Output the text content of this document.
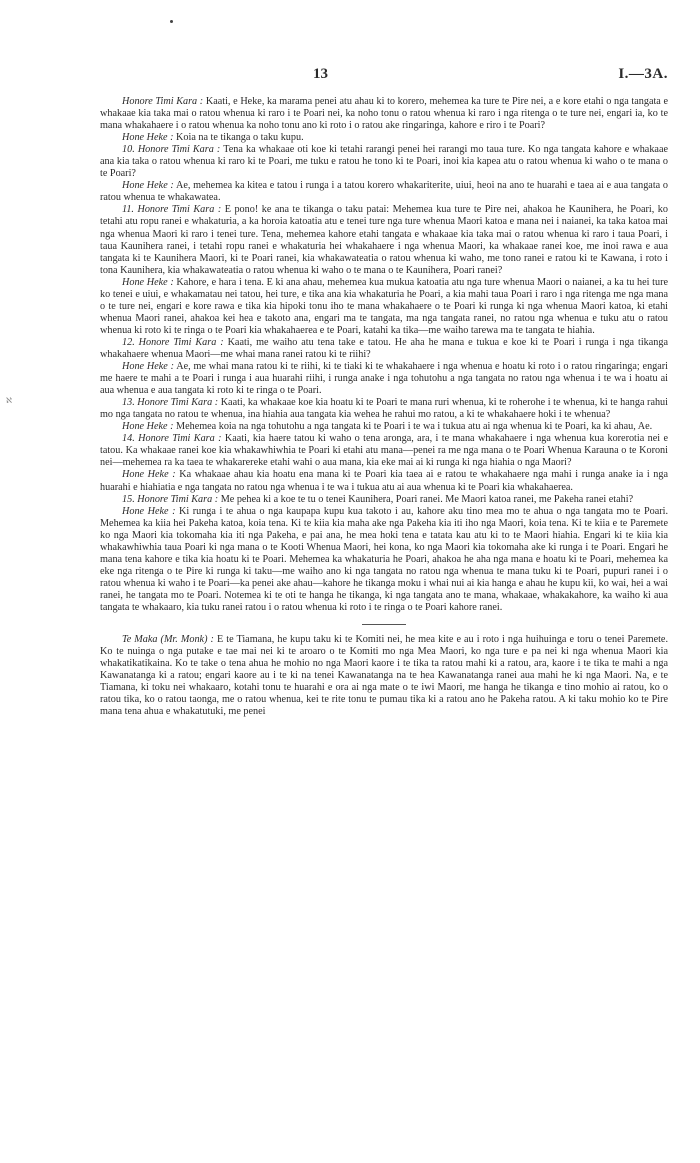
ℵ
13	I.—3A.

Honore Timi Kara : Kaati, e Heke, ka marama penei atu ahau ki to korero, mehemea ka ture te Pire nei, a e kore etahi o nga tangata e whakaae kia taka mai o ratou whenua ki raro i te Poari nei, ka noho tonu o ratou whenua ki raro i nga ritenga o te ture nei, engari ia, ko te mana whakahaere i o ratou whenua ka noho tonu ano ki roto i o ratou ake ringaringa, kahore e riro i te Poari?

Hone Heke : Koia na te tikanga o taku kupu.

10. Honore Timi Kara : Tena ka whakaae oti koe ki tetahi rarangi penei hei rarangi mo taua ture. Ko nga tangata kahore e whakaae ana kia taka o ratou whenua ki raro ki te Poari, me tuku e ratou he tono ki te Poari, inoi kia kapea atu o ratou whenua ki waho o te mana o te Poari?

Hone Heke : Ae, mehemea ka kitea e tatou i runga i a tatou korero whakariterite, uiui, heoi na ano te huarahi e taea ai e aua tangata o ratou whenua te whakawatea.

11. Honore Timi Kara : E pono! ke ana te tikanga o taku patai: Mehemea kua ture te Pire nei, ahakoa he Kaunihera, he Poari, ko tetahi atu ropu ranei e whakaturia, a ka horoia katoatia atu e tenei ture nga ture whenua Maori katoa e mana nei i naianei, ka taka katoa mai nga whenua Maori ki raro i tenei ture. Tena, mehemea kahore etahi tangata e whakaae kia taka mai o ratou whenua ki raro i taua Poari, i taua Kaunihera ranei, i tetahi ropu ranei e whakaturia hei whakahaere i nga whenua Maori, ka whakaae ranei koe, me inoi rawa e aua tangata ki te Kaunihera Maori, ki te Poari ranei, kia whakawateatia o ratou whenua ki waho, me tono ranei e ratou ki te Kawana, i roto i tona Kaunihera, kia whakawateatia o ratou whenua ki waho o te mana o te Kaunihera, Poari ranei?

Hone Heke : Kahore, e hara i tena. E ki ana ahau, mehemea kua mukua katoatia atu nga ture whenua Maori o naianei, a ka tu hei ture ko tenei e uiui, e whakamatau nei tatou, hei ture, e tika ana kia whakaturia he Poari, a kia mahi taua Poari i raro i nga ritenga me nga mana o te ture nei, engari e kore rawa e tika kia hipoki tonu iho te mana whakahaere o te Poari ki runga ki nga whenua Maori katoa, ki etahi whenua Maori ranei, ahakoa kei hea e takoto ana, engari ma te tangata, ma nga tangata ranei, no ratou nga whenua e tuku atu o ratou whenua ki roto ki te ringa o te Poari kia whakahaerea e te Poari, katahi ka tika—me waiho tarewa ma te tangata te hiahia.

12. Honore Timi Kara : Kaati, me waiho atu tena take e tatou. He aha he mana e tukua e koe ki te Poari i runga i nga tikanga whakahaere whenua Maori—me whai mana ranei ratou ki te riihi?

Hone Heke : Ae, me whai mana ratou ki te riihi, ki te tiaki ki te whakahaere i nga whenua e hoatu ki roto i o ratou ringaringa; engari me haere te mahi a te Poari i runga i aua huarahi riihi, i runga anake i nga tohutohu a nga tangata no ratou nga whenua i te wa i hoatu ai aua whenua e aua tangata ki roto ki te ringa o te Poari.

13. Honore Timi Kara : Kaati, ka whakaae koe kia hoatu ki te Poari te mana ruri whenua, ki te roherohe i te whenua, ki te hanga rahui mo nga tangata no ratou te whenua, ina hiahia aua tangata kia wehea he rahui mo ratou, a ki te whakahaere hoki i te whenua?

Hone Heke : Mehemea koia na nga tohutohu a nga tangata ki te Poari i te wa i tukua atu ai nga whenua ki te Poari, ka ki ahau, Ae.

14. Honore Timi Kara : Kaati, kia haere tatou ki waho o tena aronga, ara, i te mana whakahaere i nga whenua kua korerotia nei e tatou. Ka whakaae ranei koe kia whakawhiwhia te Poari ki etahi atu mana—penei ra me nga mana o te Poari Whenua Karauna o te Koroni nei—mehemea ra ka taea te whakarereke etahi wahi o aua mana, kia eke mai ai ki runga ki nga hiahia o nga Maori?

Hone Heke : Ka whakaae ahau kia hoatu ena mana ki te Poari kia taea ai e ratou te whakahaere nga mahi i runga anake ia i nga huarahi e hiahiatia e nga tangata no ratou nga whenua i te wa i tukua atu ai aua whenua ki te Poari kia whakahaerea.

15. Honore Timi Kara : Me pehea ki a koe te tu o tenei Kaunihera, Poari ranei. Me Maori katoa ranei, me Pakeha ranei etahi?

Hone Heke : Ki runga i te ahua o nga kaupapa kupu kua takoto i au, kahore aku tino mea mo te ahua o nga tangata mo te Poari. Mehemea ka kiia hei Pakeha katoa, koia tena. Ki te kiia kia maha ake nga Pakeha kia iti iho nga Maori, koia tena. Ki te kiia e te Paremete ko nga Maori kia tokomaha kia iti nga Pakeha, e pai ana, he mea hoki tena e tatata kau atu ki to te Maori hiahia. Engari ki te kiia kia whakawhiwhia taua Poari ki nga mana o te Kooti Whenua Maori, hei kona, ko nga Maori kia tokomaha ake ki runga i te Poari. Engari he mana tena kahore e tika kia hoatu ki te Poari. Mehemea ka whakaturia he Poari, ahakoa he aha nga mana e hoatu ki te Poari, mehemea ka eke nga ritenga o te Pire ki runga ki taku—me waiho ano ki nga tangata no ratou nga whenua te mana tuku ki te Poari, pupuri ranei i o ratou whenua ki waho i te Poari—ka penei ake ahau—kahore he tikanga moku i whai nui ai kia hanga e ahau he kupu kii, ko wai, hei a wai ranei, he tangata mo te Poari. Notemea ki te oti te hanga he tikanga, ki nga tangata ano te mana, whakaae, whakakahore, ka waiho ki aua tangata te whakaaro, kia tuku ranei ratou i o ratou whenua ki roto i te ringa o te Poari kahore ranei.

Te Maka (Mr. Monk) : E te Tiamana, he kupu taku ki te Komiti nei, he mea kite e au i roto i nga huihuinga e toru o tenei Paremete. Ko te nuinga o nga putake e tae mai nei ki te aroaro o te Komiti mo nga Mea Maori, ko nga ture e pa nei ki nga whenua Maori kia whakatikatikaina. Ko te take o tena ahua he mohio no nga Maori kaore i te tika ta ratou mahi ki a ratou, ara, kaore i te tika te mahi a nga Kawanatanga ki a ratou; engari kaore au i te ki na tenei Kawanatanga na te hea Kawanatanga ranei aua mahi he ki nga Maori. Na, e te Tiamana, ki toku nei whakaaro, kotahi tonu te huarahi e ora ai nga mate o te iwi Maori, me hanga he tikanga e tino mohio ai ratou, ko o ratou tika, ko o ratou taonga, me o ratou whenua, kei te rite tonu te pumau tika ki a ratou ano he Pakeha ratou. A ki taku mohio ko te Pire mana tena ahua e whakatutuki, me penei
